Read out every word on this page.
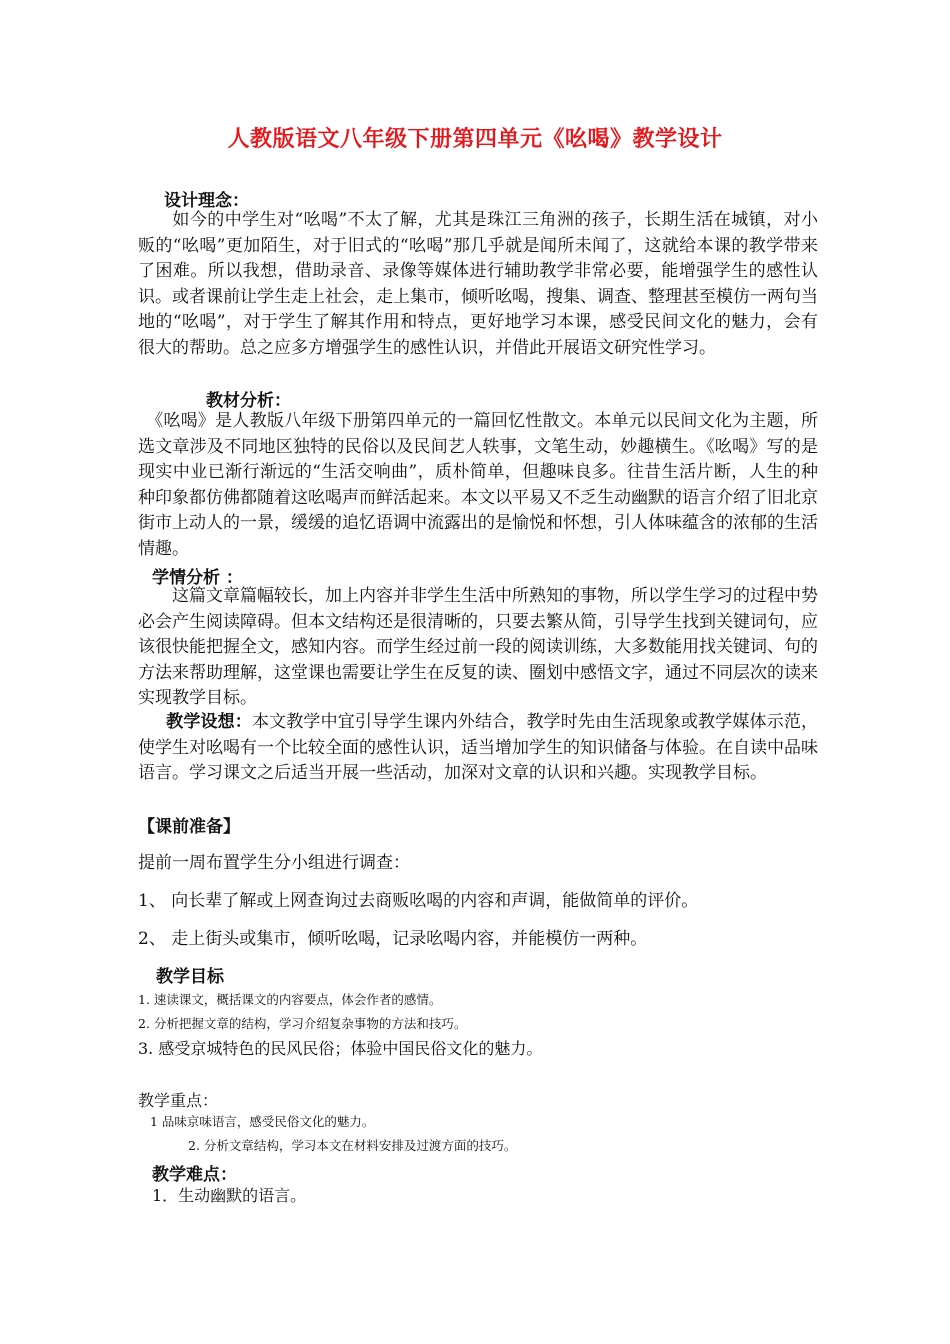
人教版语文八年级下册第四单元《吆喝》教学设计
设计理念：
如今的中学生对“吆喝”不太了解，尤其是珠江三角洲的孩子，长期生活在城镇，对小贩的“吆喝”更加陌生，对于旧式的“吆喝”那几乎就是闻所未闻了，这就给本课的教学带来了困难。所以我想，借助录音、录像等媒体进行辅助教学非常必要，能增强学生的感性认识。或者课前让学生走上社会，走上集市，倾听吆喝，搜集、调查、整理甚至模仿一两句当地的“吆喝”，对于学生了解其作用和特点，更好地学习本课，感受民间文化的魅力，会有很大的帮助。总之应多方增强学生的感性认识，并借此开展语文研究性学习。
教材分析：
《吆喝》是人教版八年级下册第四单元的一篇回忆性散文。本单元以民间文化为主题，所选文章涉及不同地区独特的民俗以及民间艺人轶事，文笔生动，妙趣横生。《吆喝》写的是现实中业已渐行渐远的“生活交响曲”，质朴简单，但趣味良多。往昔生活片断，人生的种种印象都仿佛都随着这吆喝声而鲜活起来。本文以平易又不乏生动幽默的语言介绍了旧北京街市上动人的一景，缓缓的追忆语调中流露出的是愉悦和怀想，引人体味蕴含的浓郁的生活情趣。
学情分析 ：
这篇文章篇幅较长，加上内容并非学生生活中所熟知的事物，所以学生学习的过程中势必会产生阅读障碍。但本文结构还是很清晰的，只要去繁从简，引导学生找到关键词句，应该很快能把握全文，感知内容。而学生经过前一段的阅读训练，大多数能用找关键词、句的方法来帮助理解，这堂课也需要让学生在反复的读、圈划中感悟文字，通过不同层次的读来实现教学目标。
教学设想：本文教学中宜引导学生课内外结合，教学时先由生活现象或教学媒体示范，使学生对吆喝有一个比较全面的感性认识，适当增加学生的知识储备与体验。在自读中品味语言。学习课文之后适当开展一些活动，加深对文章的认识和兴趣。实现教学目标。
【课前准备】
提前一周布置学生分小组进行调查：
1、 向长辈了解或上网查询过去商贩吆喝的内容和声调，能做简单的评价。
2、 走上街头或集市，倾听吆喝，记录吆喝内容，并能模仿一两种。
教学目标
1. 速读课文，概括课文的内容要点，体会作者的感情。
2. 分析把握文章的结构，学习介绍复杂事物的方法和技巧。
3. 感受京城特色的民风民俗；体验中国民俗文化的魅力。
教学重点：
1 品味京味语言，感受民俗文化的魅力。
2. 分析文章结构，学习本文在材料安排及过渡方面的技巧。
教学难点：
1．生动幽默的语言。
